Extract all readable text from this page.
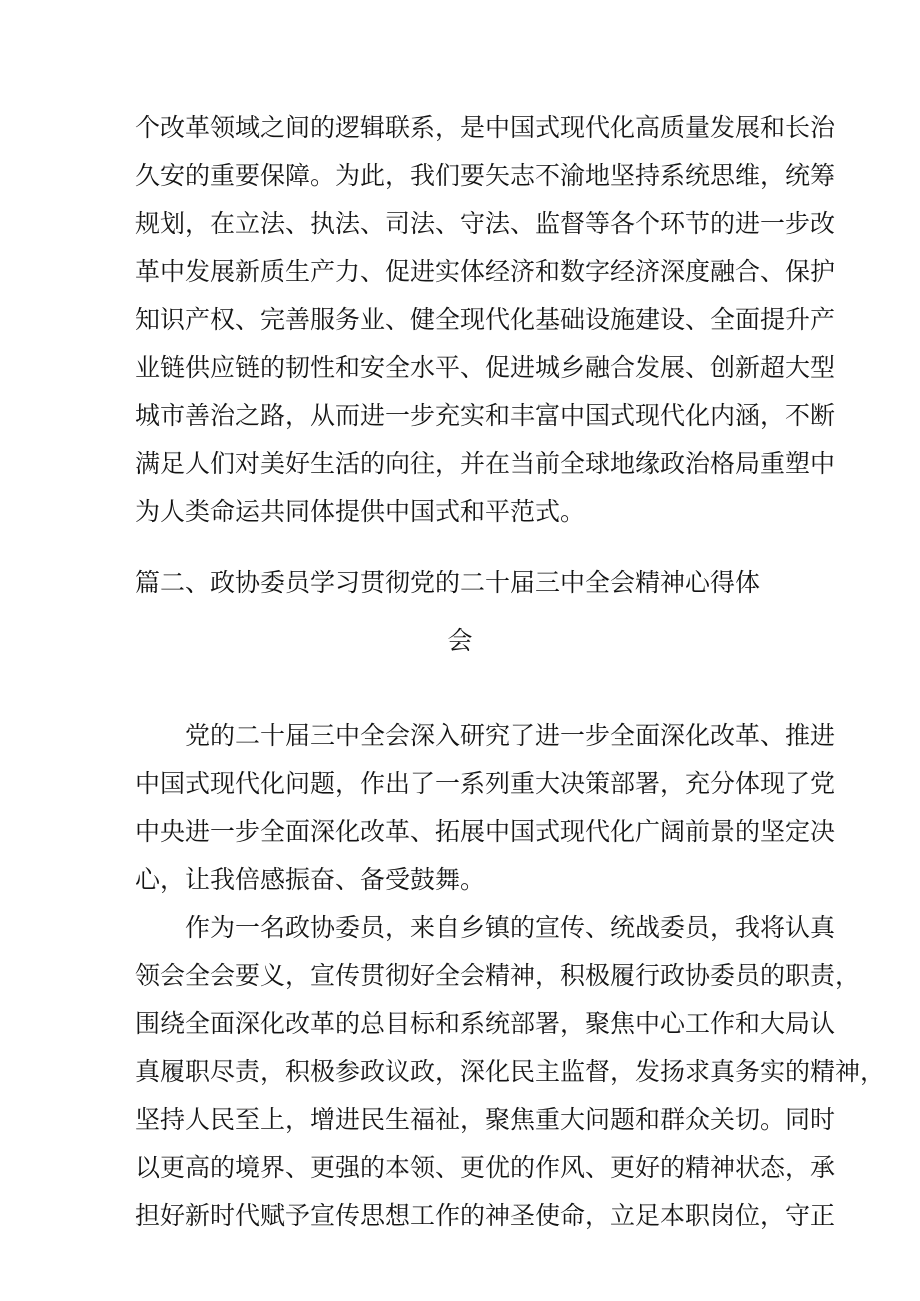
个改革领域之间的逻辑联系，是中国式现代化高质量发展和长治
久安的重要保障。为此，我们要矢志不渝地坚持系统思维，统筹
规划，在立法、执法、司法、守法、监督等各个环节的进一步改
革中发展新质生产力、促进实体经济和数字经济深度融合、保护
知识产权、完善服务业、健全现代化基础设施建设、全面提升产
业链供应链的韧性和安全水平、促进城乡融合发展、创新超大型
城市善治之路，从而进一步充实和丰富中国式现代化内涵，不断
满足人们对美好生活的向往，并在当前全球地缘政治格局重塑中
为人类命运共同体提供中国式和平范式。
篇二、政协委员学习贯彻党的二十届三中全会精神心得体
会
党的二十届三中全会深入研究了进一步全面深化改革、推进
中国式现代化问题，作出了一系列重大决策部署，充分体现了党
中央进一步全面深化改革、拓展中国式现代化广阔前景的坚定决
心，让我倍感振奋、备受鼓舞。
作为一名政协委员，来自乡镇的宣传、统战委员，我将认真
领会全会要义，宣传贯彻好全会精神，积极履行政协委员的职责，
围绕全面深化改革的总目标和系统部署，聚焦中心工作和大局认
真履职尽责，积极参政议政，深化民主监督，发扬求真务实的精神，
坚持人民至上，增进民生福祉，聚焦重大问题和群众关切。同时
以更高的境界、更强的本领、更优的作风、更好的精神状态，承
担好新时代赋予宣传思想工作的神圣使命，立足本职岗位，守正
